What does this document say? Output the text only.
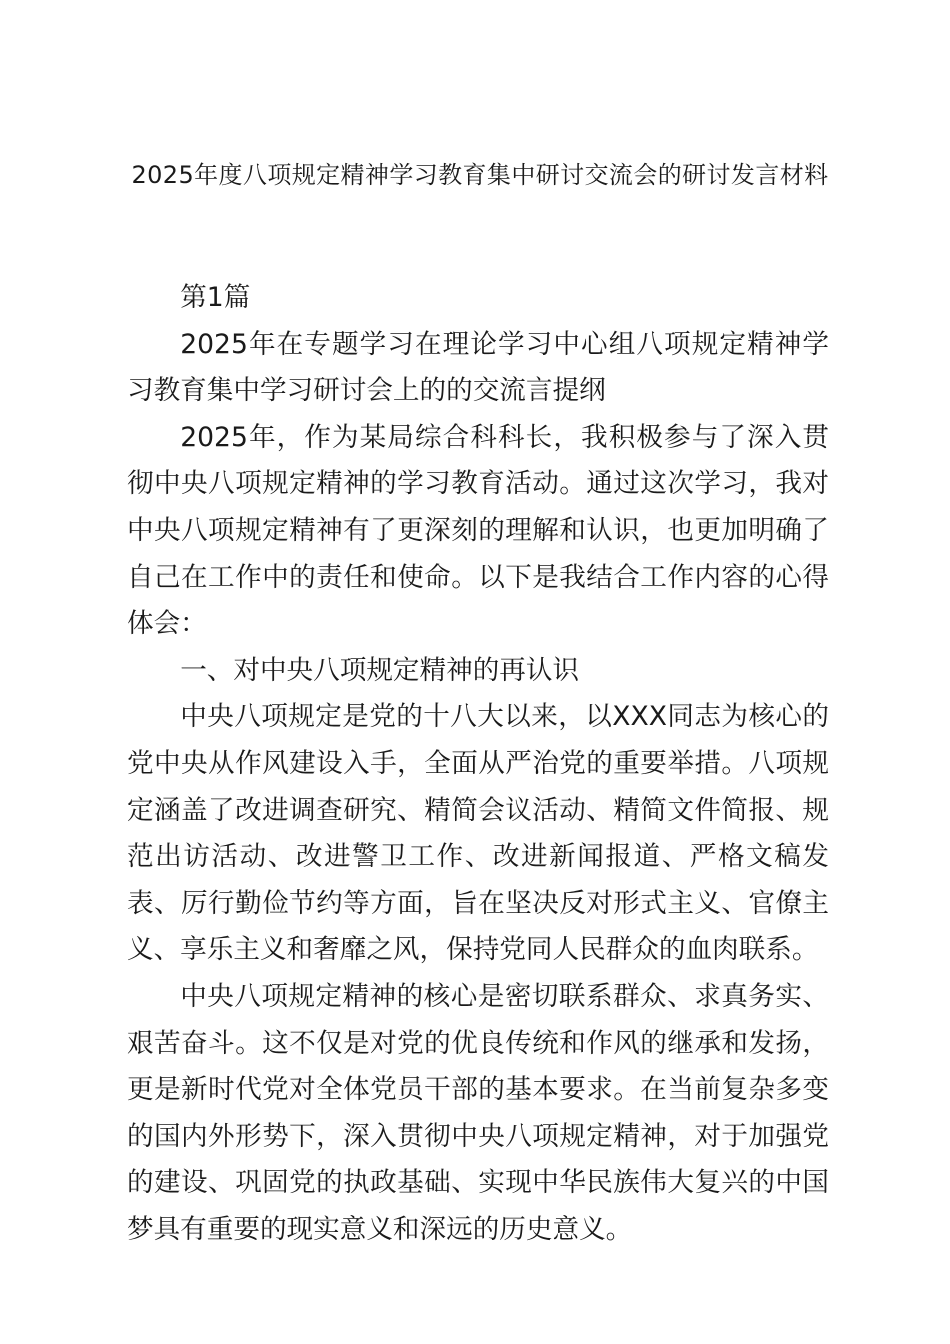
2025年度八项规定精神学习教育集中研讨交流会的研讨发言材料

第1篇

2025年在专题学习在理论学习中心组八项规定精神学习教育集中学习研讨会上的的交流言提纲

2025年，作为某局综合科科长，我积极参与了深入贯彻中央八项规定精神的学习教育活动。通过这次学习，我对中央八项规定精神有了更深刻的理解和认识，也更加明确了自己在工作中的责任和使命。以下是我结合工作内容的心得体会：

一、对中央八项规定精神的再认识

中央八项规定是党的十八大以来，以XXX同志为核心的党中央从作风建设入手，全面从严治党的重要举措。八项规定涵盖了改进调查研究、精简会议活动、精简文件简报、规范出访活动、改进警卫工作、改进新闻报道、严格文稿发表、厉行勤俭节约等方面，旨在坚决反对形式主义、官僚主义、享乐主义和奢靡之风，保持党同人民群众的血肉联系。

中央八项规定精神的核心是密切联系群众、求真务实、艰苦奋斗。这不仅是对党的优良传统和作风的继承和发扬，更是新时代党对全体党员干部的基本要求。在当前复杂多变的国内外形势下，深入贯彻中央八项规定精神，对于加强党的建设、巩固党的执政基础、实现中华民族伟大复兴的中国梦具有重要的现实意义和深远的历史意义。
